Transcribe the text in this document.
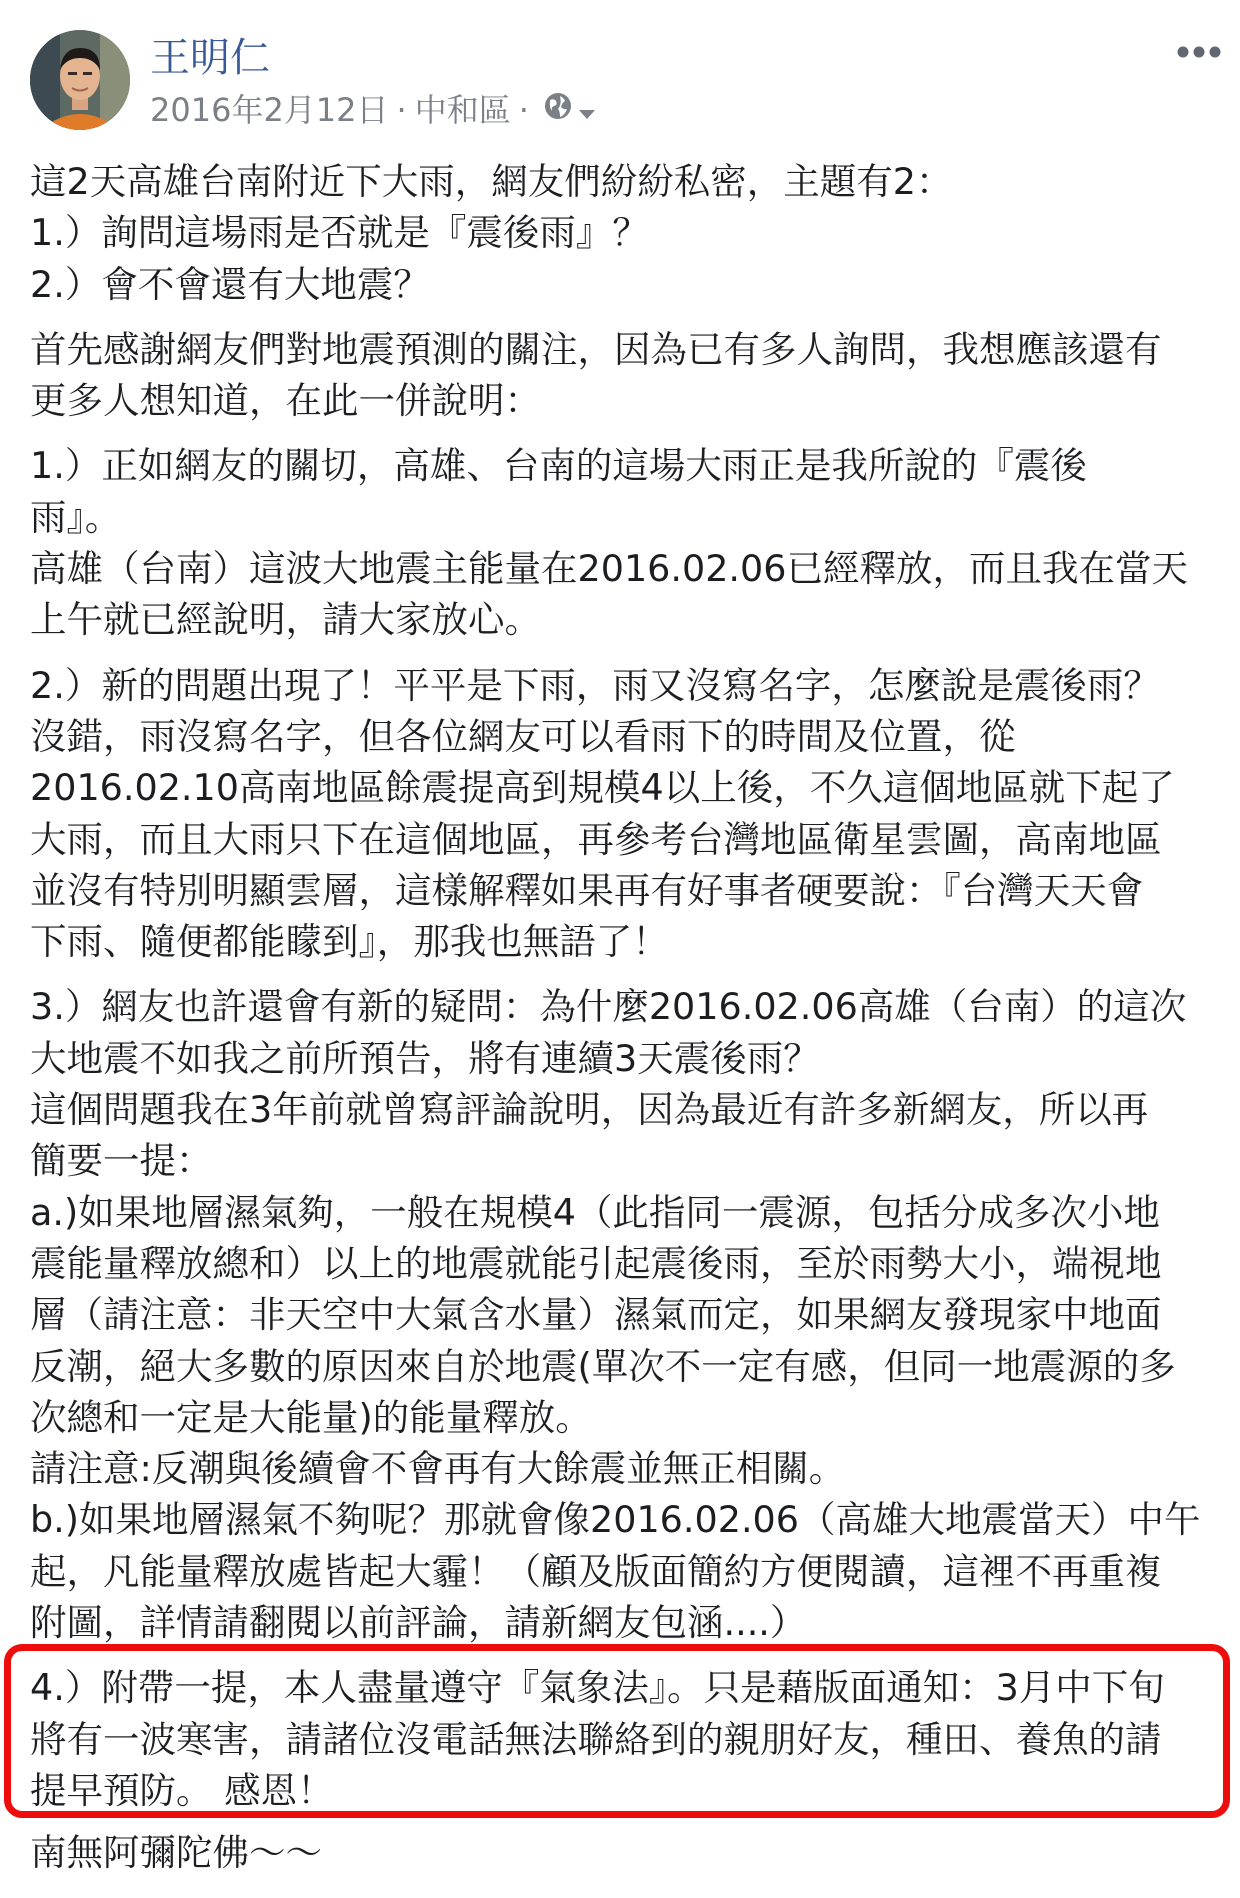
王明仁
2016年2月12日 · 中和區 ·
這2天高雄台南附近下大雨，網友們紛紛私密，主題有2：
1.）詢問這場雨是否就是『震後雨』？
2.）會不會還有大地震？
首先感謝網友們對地震預測的關注，因為已有多人詢問，我想應該還有
更多人想知道，在此一併說明：
1.）正如網友的關切，高雄、台南的這場大雨正是我所說的『震後
雨』。
高雄（台南）這波大地震主能量在2016.02.06已經釋放，而且我在當天
上午就已經說明，請大家放心。
2.）新的問題出現了！平平是下雨，雨又沒寫名字，怎麼說是震後雨？
沒錯，雨沒寫名字，但各位網友可以看雨下的時間及位置，從
2016.02.10高南地區餘震提高到規模4以上後，不久這個地區就下起了
大雨，而且大雨只下在這個地區，再參考台灣地區衛星雲圖，高南地區
並沒有特別明顯雲層，這樣解釋如果再有好事者硬要說：『台灣天天會
下雨、隨便都能矇到』，那我也無語了！
3.）網友也許還會有新的疑問：為什麼2016.02.06高雄（台南）的這次
大地震不如我之前所預告，將有連續3天震後雨？
這個問題我在3年前就曾寫評論說明，因為最近有許多新網友，所以再
簡要一提：
a.)如果地層濕氣夠，一般在規模4（此指同一震源，包括分成多次小地
震能量釋放總和）以上的地震就能引起震後雨，至於雨勢大小，端視地
層（請注意：非天空中大氣含水量）濕氣而定，如果網友發現家中地面
反潮，絕大多數的原因來自於地震(單次不一定有感，但同一地震源的多
次總和一定是大能量)的能量釋放。
請注意:反潮與後續會不會再有大餘震並無正相關。
b.)如果地層濕氣不夠呢？那就會像2016.02.06（高雄大地震當天）中午
起，凡能量釋放處皆起大霾！（顧及版面簡約方便閱讀，這裡不再重複
附圖，詳情請翻閱以前評論，請新網友包涵....）
4.）附帶一提，本人盡量遵守『氣象法』。只是藉版面通知：3月中下旬
將有一波寒害，請諸位沒電話無法聯絡到的親朋好友，種田、養魚的請
提早預防。 感恩！
南無阿彌陀佛～～
